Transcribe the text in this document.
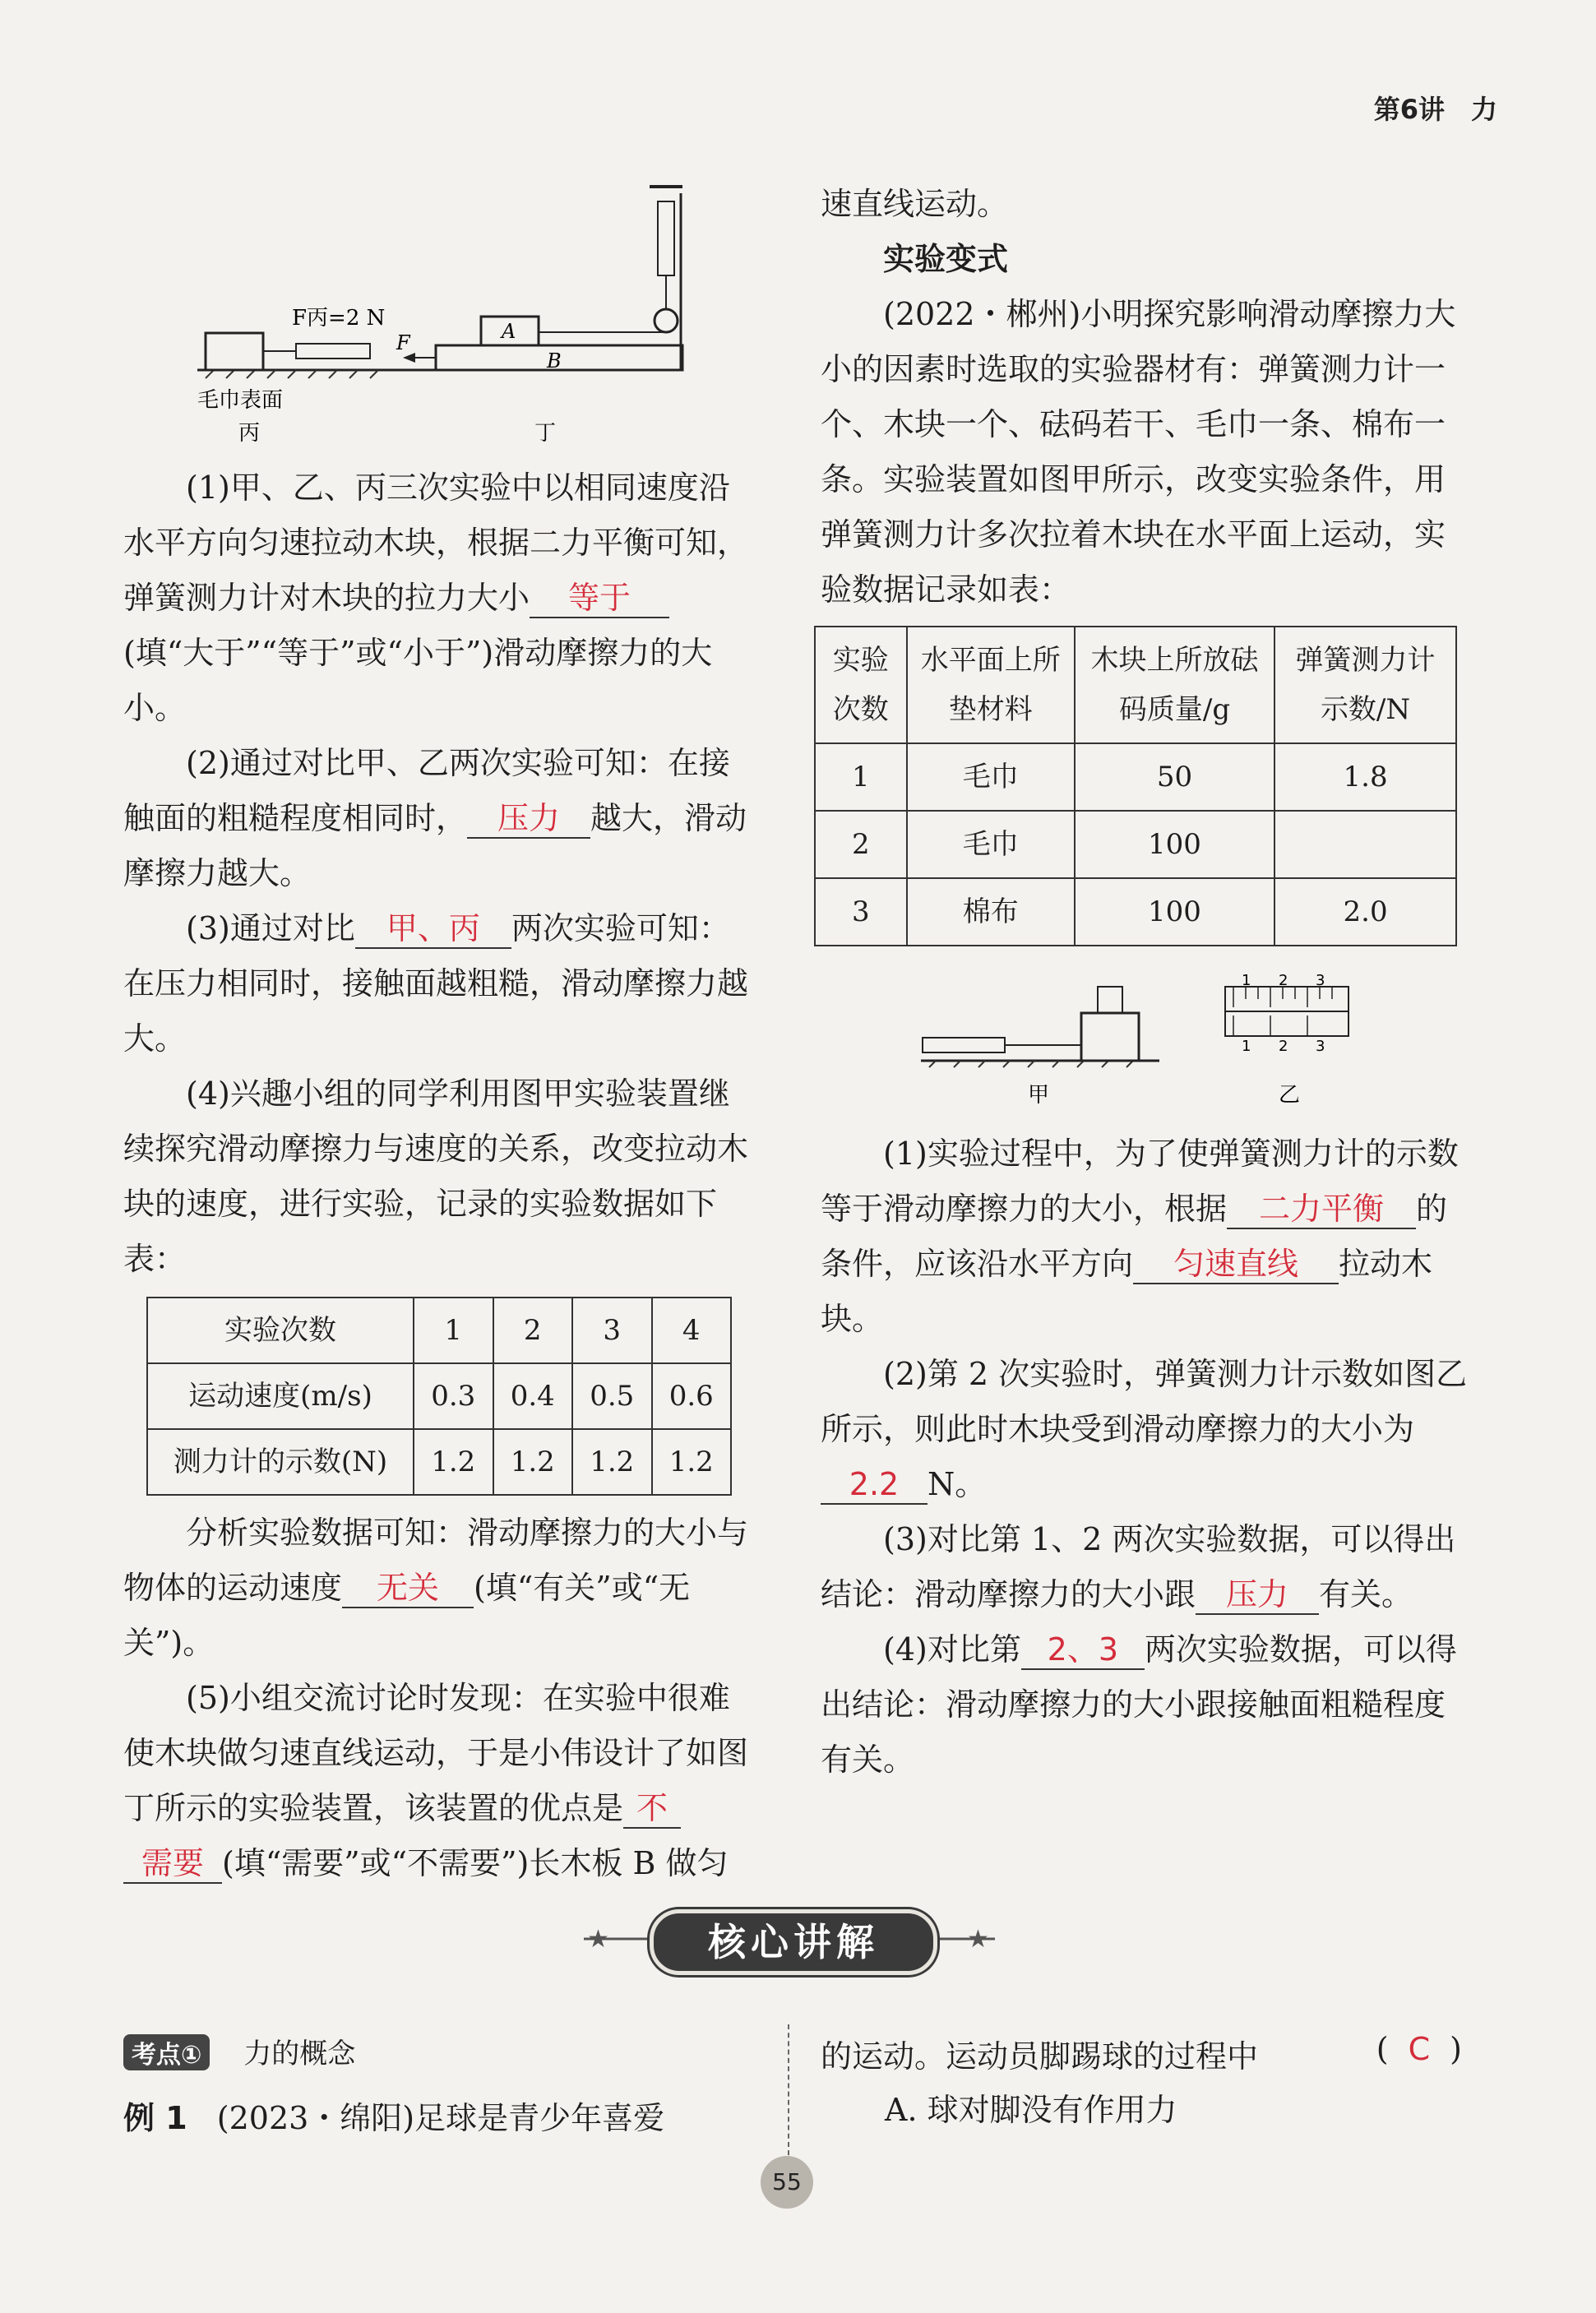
第6讲　力
F丙=2 N
毛巾表面
丙
A
B
F
丁

(1)甲、乙、丙三次实验中以相同速度沿水平方向匀速拉动木块，根据二力平衡可知，弹簧测力计对木块的拉力大小 等于(填“大于”“等于”或“小于”)滑动摩擦力的大小。

(2)通过对比甲、乙两次实验可知：在接触面的粗糙程度相同时， 压力 越大，滑动摩擦力越大。

(3)通过对比 甲、丙 两次实验可知：在压力相同时，接触面越粗糙，滑动摩擦力越大。

(4)兴趣小组的同学利用图甲实验装置继续探究滑动摩擦力与速度的关系，改变拉动木块的速度，进行实验，记录的实验数据如下表：

实验次数	1	2	3	4
运动速度(m/s)	0.3	0.4	0.5	0.6
测力计的示数(N)	1.2	1.2	1.2	1.2

分析实验数据可知：滑动摩擦力的大小与物体的运动速度 无关 (填“有关”或“无关”)。

(5)小组交流讨论时发现：在实验中很难使木块做匀速直线运动，于是小伟设计了如图丁所示的实验装置，该装置的优点是 不需要 (填“需要”或“不需要”)长木板 B 做匀

速直线运动。

实验变式

(2022・郴州)小明探究影响滑动摩擦力大小的因素时选取的实验器材有：弹簧测力计一个、木块一个、砝码若干、毛巾一条、棉布一条。实验装置如图甲所示，改变实验条件，用弹簧测力计多次拉着木块在水平面上运动，实验数据记录如表：

实验次数	水平面上所垫材料	木块上所放砝码质量/g	弹簧测力计示数/N
1	毛巾	50	1.8
2	毛巾	100	
3	棉布	100	2.0
甲
1 2 3
1 2 3
乙

(1)实验过程中，为了使弹簧测力计的示数等于滑动摩擦力的大小，根据 二力平衡 的条件，应该沿水平方向 匀速直线 拉动木块。

(2)第 2 次实验时，弹簧测力计示数如图乙所示，则此时木块受到滑动摩擦力的大小为2.2 N。

(3)对比第 1、2 两次实验数据，可以得出结论：滑动摩擦力的大小跟 压力 有关。

(4)对比第 2、3 两次实验数据，可以得出结论：滑动摩擦力的大小跟接触面粗糙程度有关。

★	★
核心讲解
考点① 力的概念
例 1 (2023・绵阳)足球是青少年喜爱
的运动。运动员脚踢球的过程中	( C )
A. 球对脚没有作用力
55
